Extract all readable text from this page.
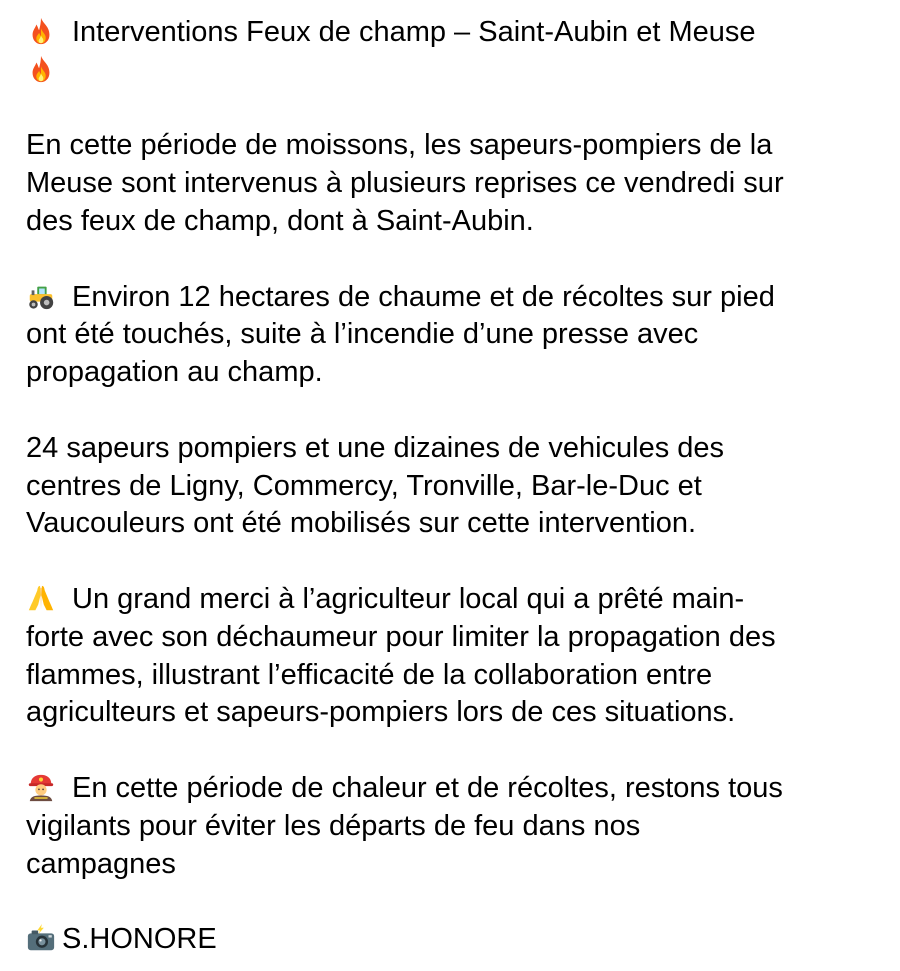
Interventions Feux de champ – Saint-Aubin et Meuse
En cette période de moissons, les sapeurs-pompiers de la
Meuse sont intervenus à plusieurs reprises ce vendredi sur
des feux de champ, dont à Saint-Aubin.
Environ 12 hectares de chaume et de récoltes sur pied
ont été touchés, suite à l’incendie d’une presse avec
propagation au champ.
24 sapeurs pompiers et une dizaines de vehicules des
centres de Ligny, Commercy, Tronville, Bar-le-Duc et
Vaucouleurs ont été mobilisés sur cette intervention.
Un grand merci à l’agriculteur local qui a prêté main-
forte avec son déchaumeur pour limiter la propagation des
flammes, illustrant l’efficacité de la collaboration entre
agriculteurs et sapeurs-pompiers lors de ces situations.
En cette période de chaleur et de récoltes, restons tous
vigilants pour éviter les départs de feu dans nos
campagnes
S.HONORE
